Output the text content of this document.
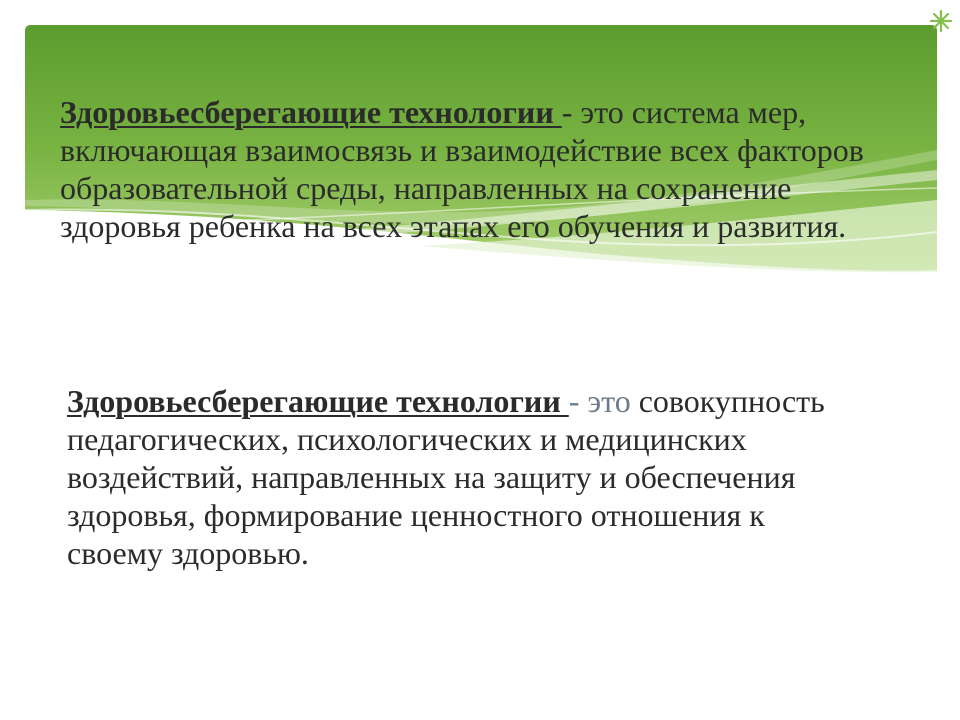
Здоровьесберегающие технологии - это система мер,
включающая взаимосвязь и взаимодействие всех факторов
образовательной среды, направленных на сохранение
здоровья ребенка на всех этапах его обучения и развития.
Здоровьесберегающие технологии - это совокупность
педагогических, психологических и медицинских
воздействий, направленных на защиту и обеспечения
здоровья, формирование ценностного отношения к
своему здоровью.
